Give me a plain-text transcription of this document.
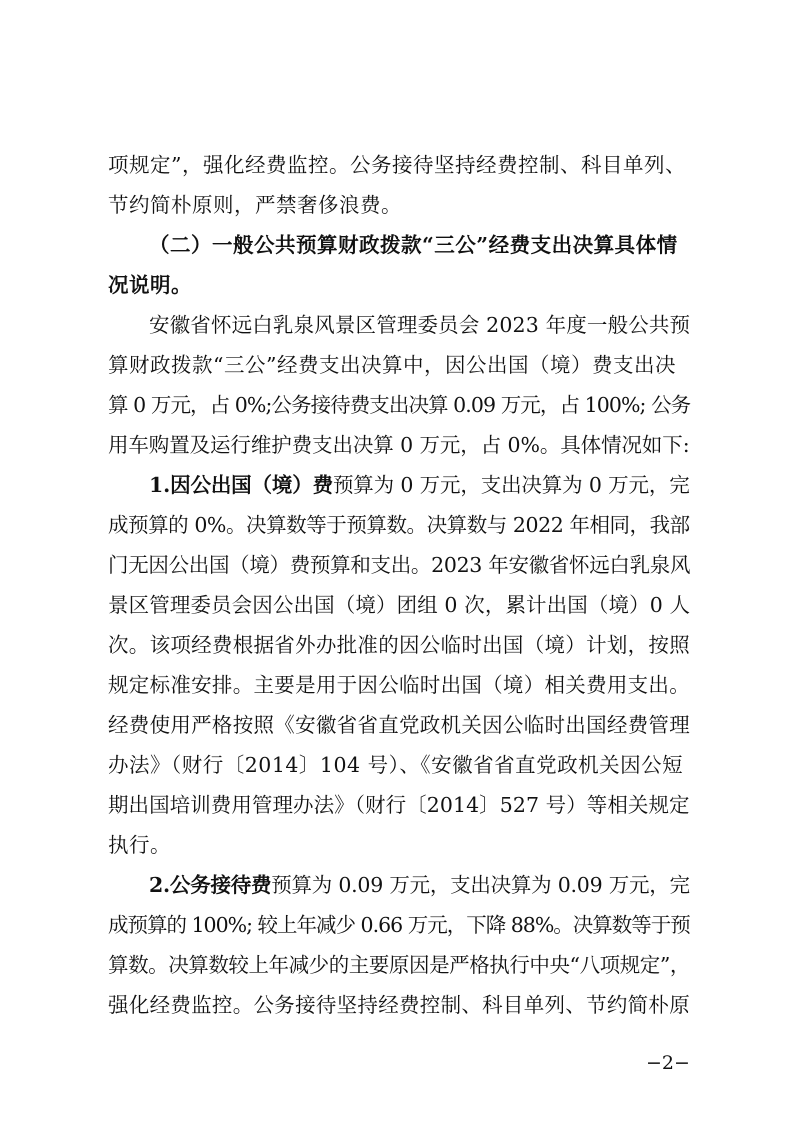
项规定”，强化经费监控。公务接待坚持经费控制、科目单列、
节约简朴原则，严禁奢侈浪费。
（二）一般公共预算财政拨款“三公”经费支出决算具体情
况说明。
安徽省怀远白乳泉风景区管理委员会 2023 年度一般公共预
算财政拨款“三公”经费支出决算中，因公出国（境）费支出决
算 0 万元，占 0%;公务接待费支出决算 0.09 万元，占 100%; 公务
用车购置及运行维护费支出决算 0 万元，占 0%。具体情况如下:
1.因公出国（境）费预算为 0 万元，支出决算为 0 万元，完
成预算的 0%。决算数等于预算数。决算数与 2022 年相同，我部
门无因公出国（境）费预算和支出。2023 年安徽省怀远白乳泉风
景区管理委员会因公出国（境）团组 0 次，累计出国（境）0 人
次。该项经费根据省外办批准的因公临时出国（境）计划，按照
规定标准安排。主要是用于因公临时出国（境）相关费用支出。
经费使用严格按照《安徽省省直党政机关因公临时出国经费管理
办法》（财行〔2014〕104 号）、《安徽省省直党政机关因公短
期出国培训费用管理办法》（财行〔2014〕527 号）等相关规定
执行。
2.公务接待费预算为 0.09 万元，支出决算为 0.09 万元，完
成预算的 100%; 较上年减少 0.66 万元，下降 88%。决算数等于预
算数。决算数较上年减少的主要原因是严格执行中央“八项规定”，
强化经费监控。公务接待坚持经费控制、科目单列、节约简朴原
−2−
